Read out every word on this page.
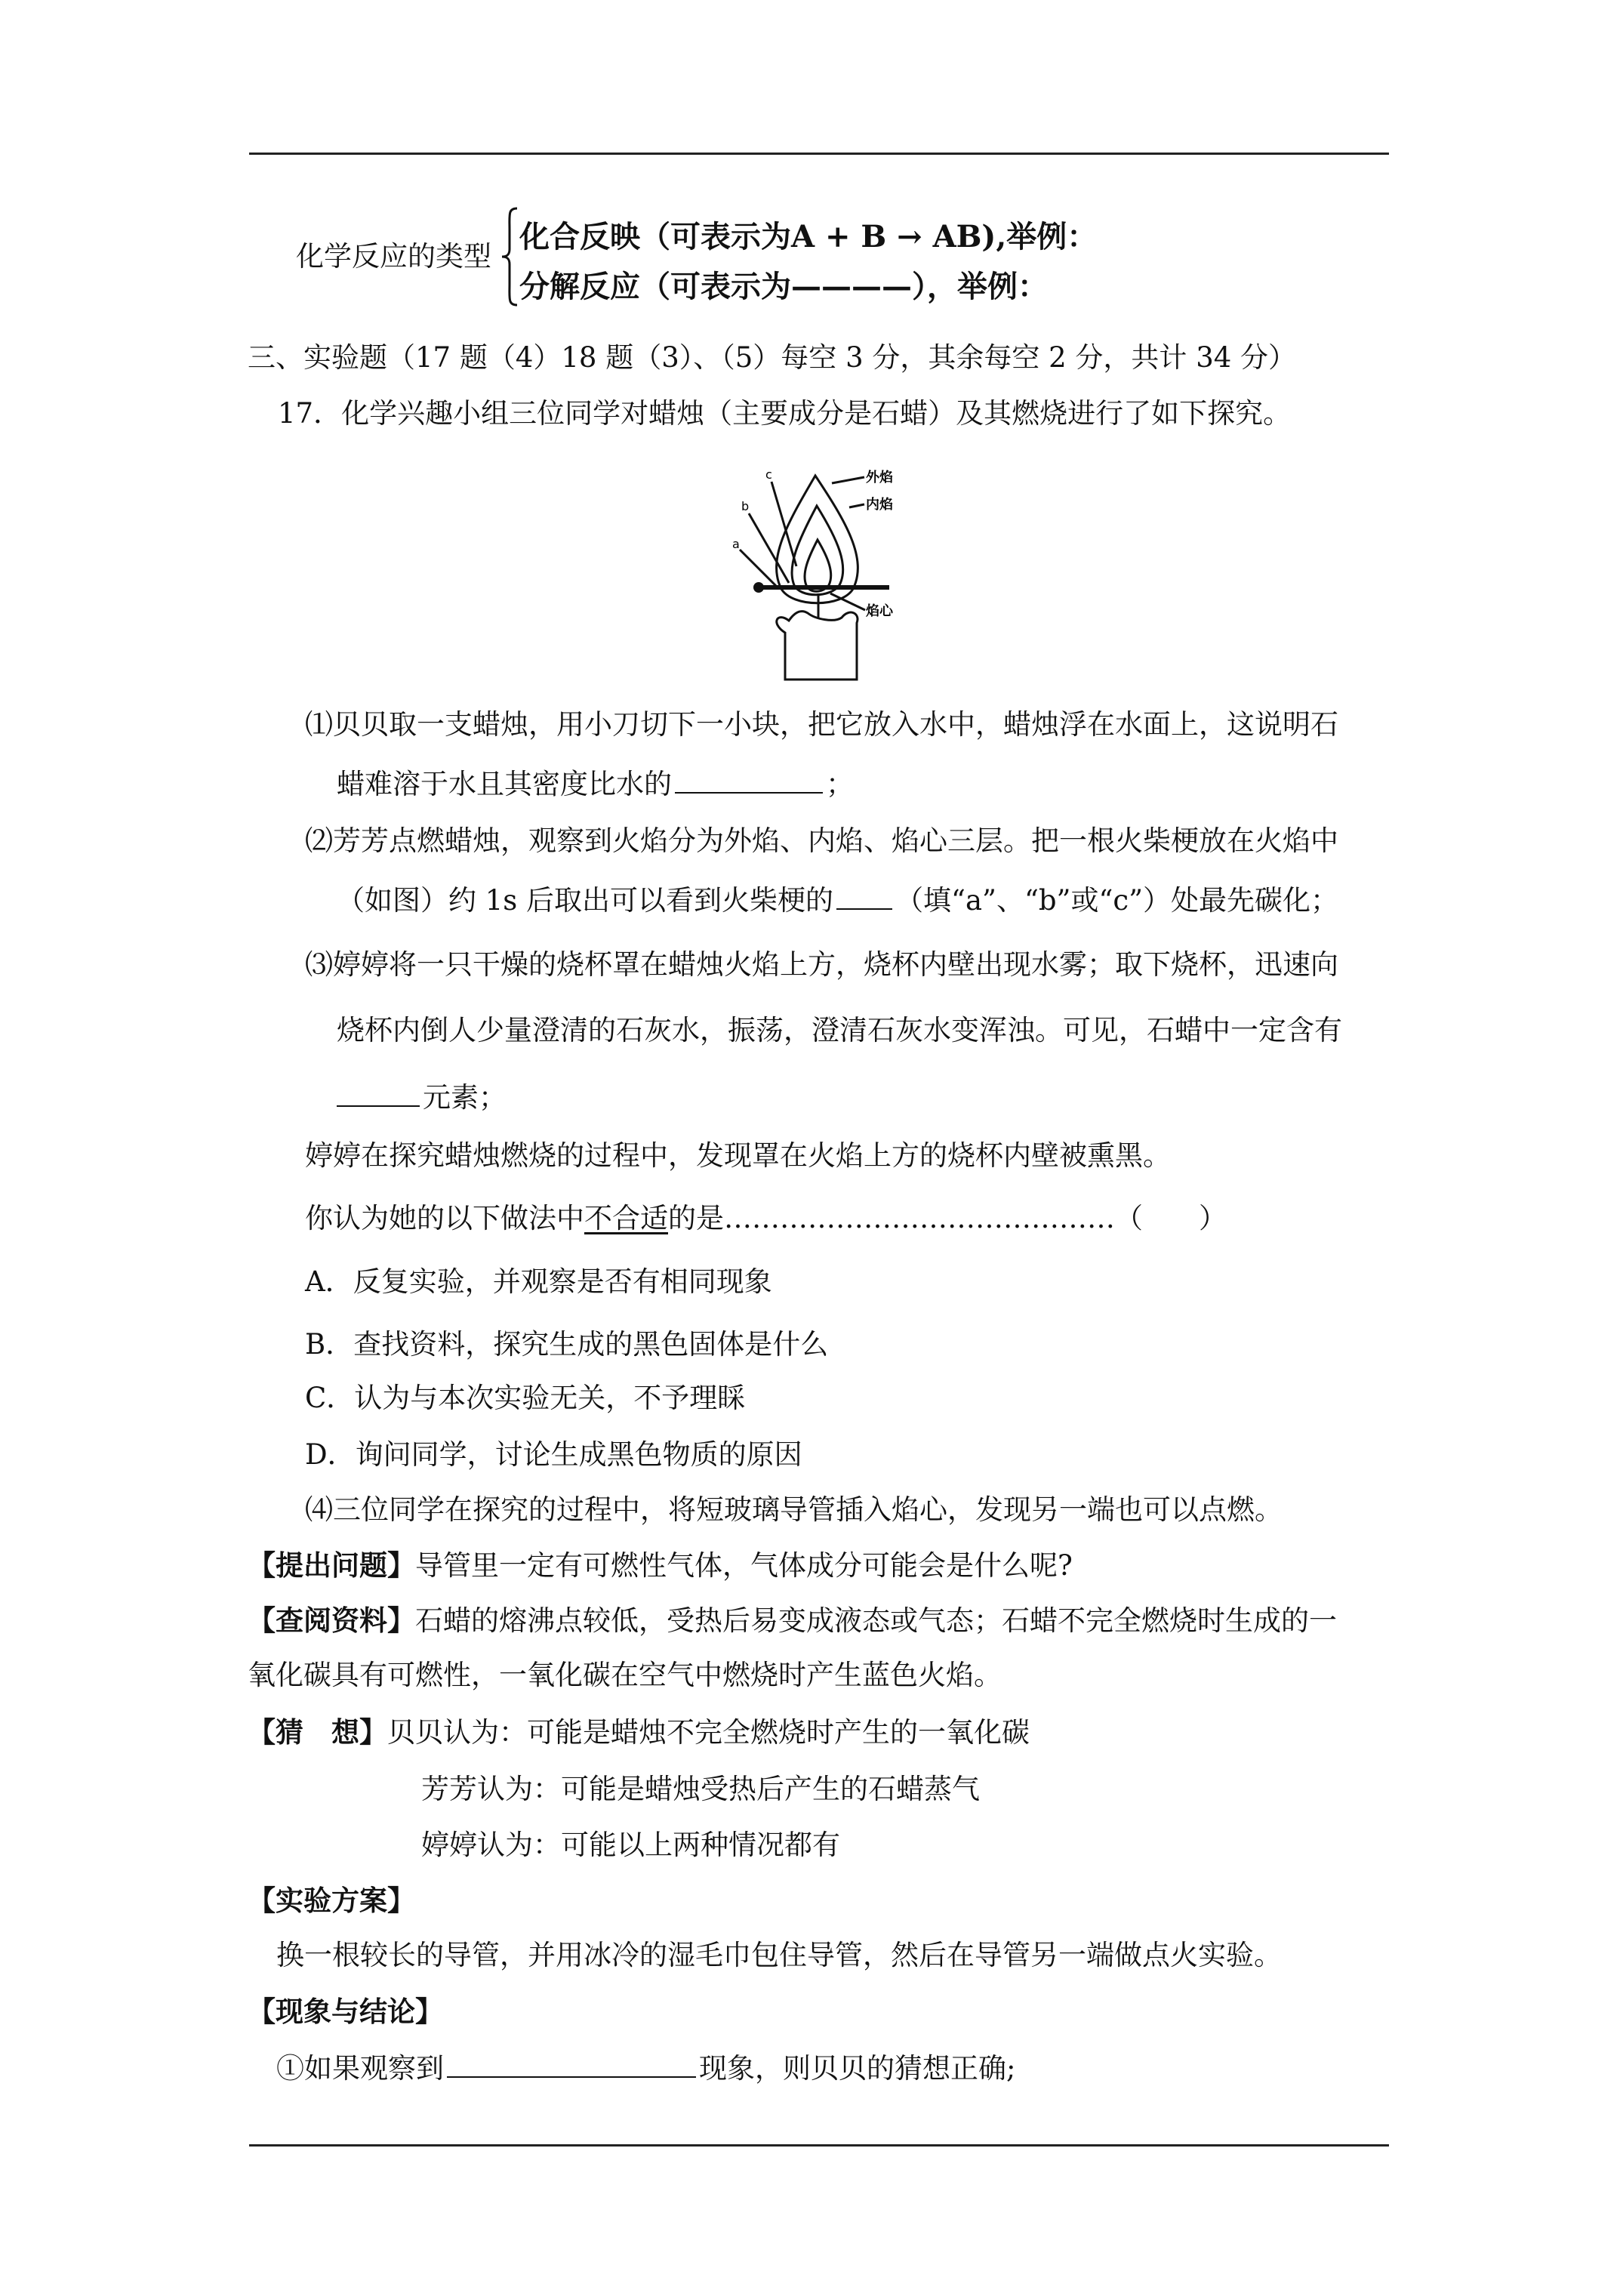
化学反应的类型
化合反映（可表示为A + B → AB),举例：
分解反应（可表示为————），举例：
三、实验题（17 题（4）18 题（3）、（5）每空 3 分，其余每空 2 分，共计 34 分）
17．化学兴趣小组三位同学对蜡烛（主要成分是石蜡）及其燃烧进行了如下探究。
c
b
a
外焰
内焰
焰心
⑴贝贝取一支蜡烛，用小刀切下一小块，把它放入水中，蜡烛浮在水面上，这说明石
蜡难溶于水且其密度比水的	；
⑵芳芳点燃蜡烛，观察到火焰分为外焰、内焰、焰心三层。把一根火柴梗放在火焰中
（如图）约 1s 后取出可以看到火柴梗的 （填“a”、“b”或“c”）处最先碳化；
⑶婷婷将一只干燥的烧杯罩在蜡烛火焰上方，烧杯内壁出现水雾；取下烧杯，迅速向
烧杯内倒人少量澄清的石灰水，振荡，澄清石灰水变浑浊。可见，石蜡中一定含有
元素；
婷婷在探究蜡烛燃烧的过程中，发现罩在火焰上方的烧杯内壁被熏黑。
你认为她的以下做法中不合适的是……………………………………（　　）
A．反复实验，并观察是否有相同现象
B．查找资料，探究生成的黑色固体是什么
C．认为与本次实验无关，不予理睬
D．询问同学，讨论生成黑色物质的原因
⑷三位同学在探究的过程中，将短玻璃导管插入焰心，发现另一端也可以点燃。
【提出问题】导管里一定有可燃性气体，气体成分可能会是什么呢?
【查阅资料】石蜡的熔沸点较低，受热后易变成液态或气态；石蜡不完全燃烧时生成的一
氧化碳具有可燃性，一氧化碳在空气中燃烧时产生蓝色火焰。
【猜　想】贝贝认为：可能是蜡烛不完全燃烧时产生的一氧化碳
芳芳认为：可能是蜡烛受热后产生的石蜡蒸气
婷婷认为：可能以上两种情况都有
【实验方案】
换一根较长的导管，并用冰冷的湿毛巾包住导管，然后在导管另一端做点火实验。
【现象与结论】
①如果观察到	现象，则贝贝的猜想正确;
